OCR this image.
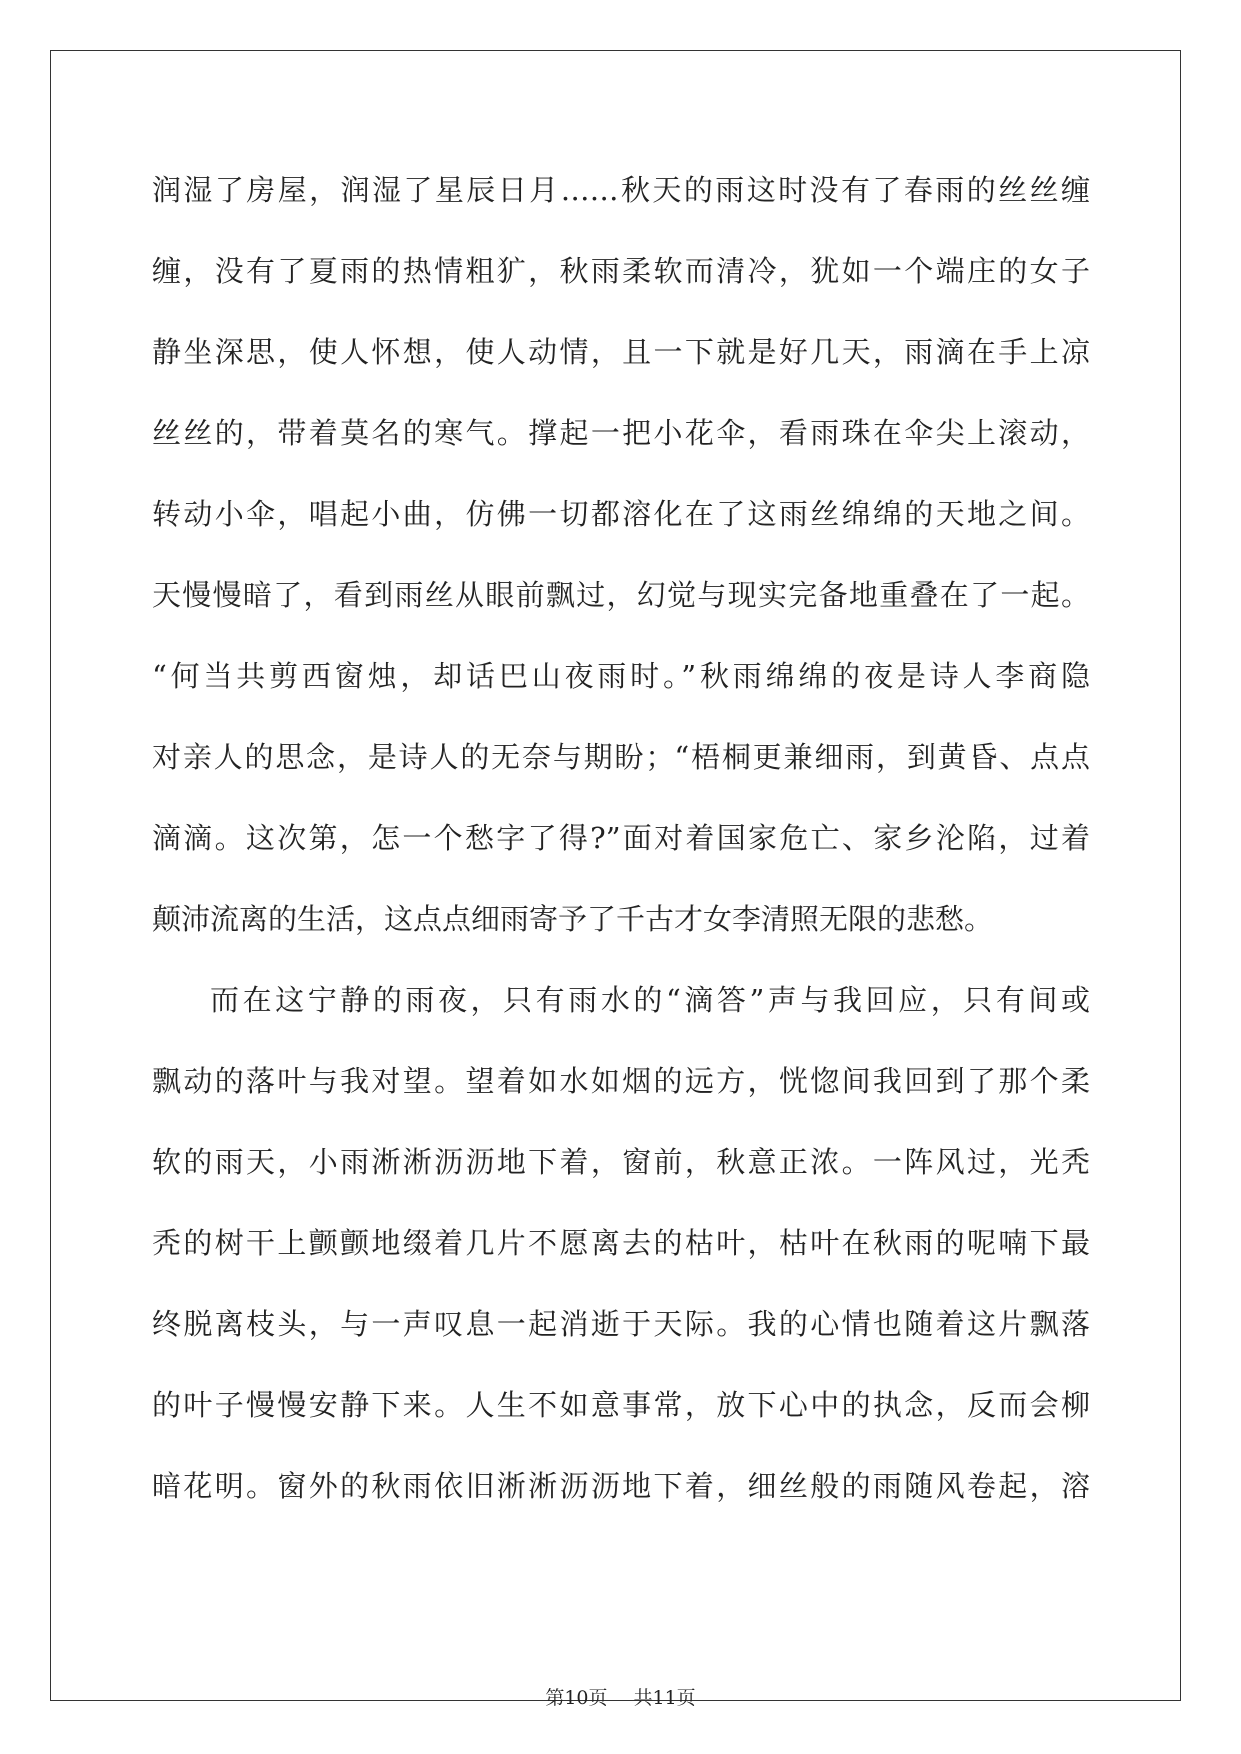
润湿了房屋，润湿了星辰日月……秋天的雨这时没有了春雨的丝丝缠
缠，没有了夏雨的热情粗犷，秋雨柔软而清冷，犹如一个端庄的女子
静坐深思，使人怀想，使人动情，且一下就是好几天，雨滴在手上凉
丝丝的，带着莫名的寒气。撑起一把小花伞，看雨珠在伞尖上滚动，
转动小伞，唱起小曲，仿佛一切都溶化在了这雨丝绵绵的天地之间。
天慢慢暗了，看到雨丝从眼前飘过，幻觉与现实完备地重叠在了一起。
“何当共剪西窗烛，却话巴山夜雨时。”秋雨绵绵的夜是诗人李商隐
对亲人的思念，是诗人的无奈与期盼；“梧桐更兼细雨，到黄昏、点点
滴滴。这次第，怎一个愁字了得?”面对着国家危亡、家乡沦陷，过着
颠沛流离的生活，这点点细雨寄予了千古才女李清照无限的悲愁。
而在这宁静的雨夜，只有雨水的“滴答”声与我回应，只有间或
飘动的落叶与我对望。望着如水如烟的远方，恍惚间我回到了那个柔
软的雨天，小雨淅淅沥沥地下着，窗前，秋意正浓。一阵风过，光秃
秃的树干上颤颤地缀着几片不愿离去的枯叶，枯叶在秋雨的呢喃下最
终脱离枝头，与一声叹息一起消逝于天际。我的心情也随着这片飘落
的叶子慢慢安静下来。人生不如意事常，放下心中的执念，反而会柳
暗花明。窗外的秋雨依旧淅淅沥沥地下着，细丝般的雨随风卷起，溶
第10页 共11页
